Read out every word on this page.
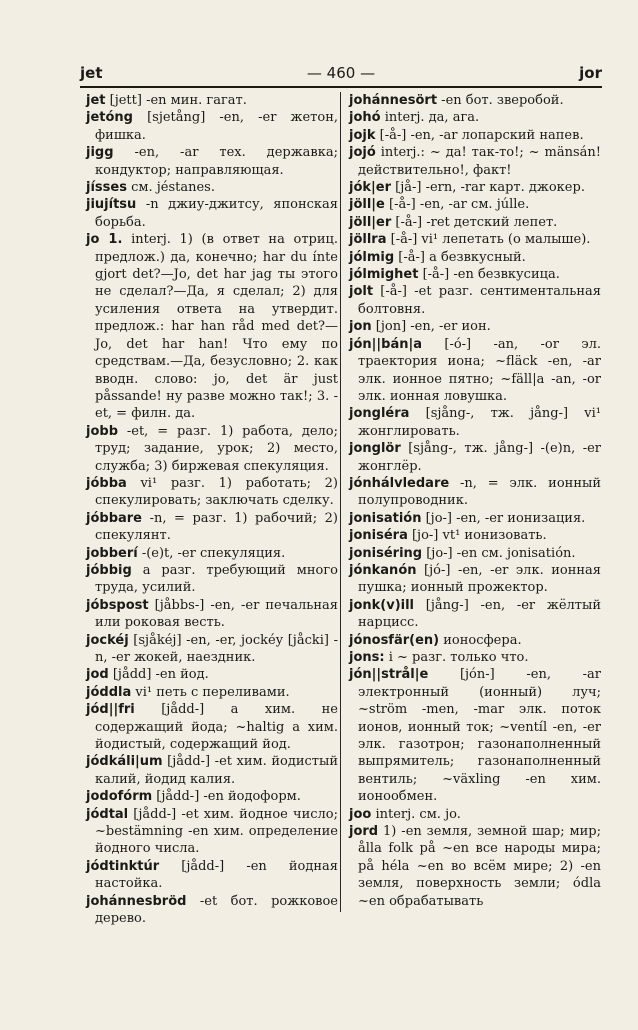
jet	— 460 —	jor

jet [jett] -en мин. гагат.

jetóng [sjetång] -en, -er жетон, фишка.

jigg -en, -ar тех. державка; кондуктор; направляющая.

jísses см. jéstanes.

jiujítsu -n джиу-джитсу, японская борьба.

jo 1. interj. 1) (в ответ на отриц. предлож.) да, конечно; har du ínte gjort det?—Jo, det har jag ты этого не сделал?—Да, я сделал; 2) для усиления ответа на утвердит. предлож.: har han råd med det?—Jo, det har han! Что ему по средствам.—Да, безусловно; 2. как вводн. слово: jo, det är just påssande! ну разве можно так!; 3. -et, = филн. да.

jobb -et, = разг. 1) работа, дело; труд; задание, урок; 2) место, служба; 3) биржевая спекуляция.

jóbba vi¹ разг. 1) работать; 2) спекулировать; заключать сделку.

jóbbare -n, = разг. 1) рабочий; 2) спекулянт.

jobberí -(e)t, -er спекуляция.

jóbbig a разг. требующий много труда, усилий.

jóbspost [jåbbs-] -en, -er печальная или роковая весть.

jockéj [sjåkéj] -en, -er, jockéy [jåcki] -n, -er жокей, наездник.

jod [jådd] -en йод.

jóddla vi¹ петь с переливами.

jód||fri [jådd-] a хим. не содержащий йода; ~haltig a хим. йодистый, содержащий йод.

jódkáli|um [jådd-] -et хим. йодистый калий, йодид калия.

jodofórm [jådd-] -en йодоформ.

jódtal [jådd-] -et хим. йодное число; ~bestämning -en хим. определение йодного числа.

jódtinktúr [jådd-] -en йодная настойка.

johánnesbröd -et бот. рожковое дерево.

johánnesört -en бот. зверобой.

johó interj. да, ага.

jojk [-å-] -en, -ar лопарский напев.

jojó interj.: ~ да! так-то!; ~ mänsán! действительно!, факт!

jók|er [jå-] -ern, -rar карт. джокер.

jöll|e [-å-] -en, -ar см. júlle.

jöll|er [-å-] -ret детский лепет.

jöllra [-å-] vi¹ лепетать (о малыше).

jólmig [-å-] a безвкусный.

jólmighet [-å-] -en безвкусица.

jolt [-å-] -et разг. сентиментальная болтовня.

jon [jon] -en, -er ион.

jón||bán|a [-ó-] -an, -or эл. траектория иона; ~fläck -en, -ar элк. ионное пятно; ~fäll|a -an, -or элк. ионная ловушка.

jongléra [sjång-, тж. jång-] vi¹ жонглировать.

jonglör [sjång-, тж. jång-] -(e)n, -er жонглёр.

jónhálvledare -n, = элк. ионный полупроводник.

jonisatión [jo-] -en, -er ионизация.

joniséra [jo-] vt¹ ионизовать.

joniséring [jo-] -en см. jonisatión.

jónkanón [jó-] -en, -er элк. ионная пушка; ионный прожектор.

jonk(v)ill [jång-] -en, -er жёлтый нарцисс.

jónosfär(en) ионосфера.

jons: i ~ разг. только что.

jón||strål|e [jón-] -en, -ar электронный (ионный) луч; ~ström -men, -mar элк. поток ионов, ионный ток; ~ventíl -en, -er элк. газотрон; газонаполненный выпрямитель; газонаполненный вентиль; ~växling -en хим. ионообмен.

joo interj. см. jo.

jord 1) -en земля, земной шар; мир; ålla folk på ~en все народы мира; på héla ~en во всём мире; 2) -en земля, поверхность земли; ódla ~en обрабатывать
